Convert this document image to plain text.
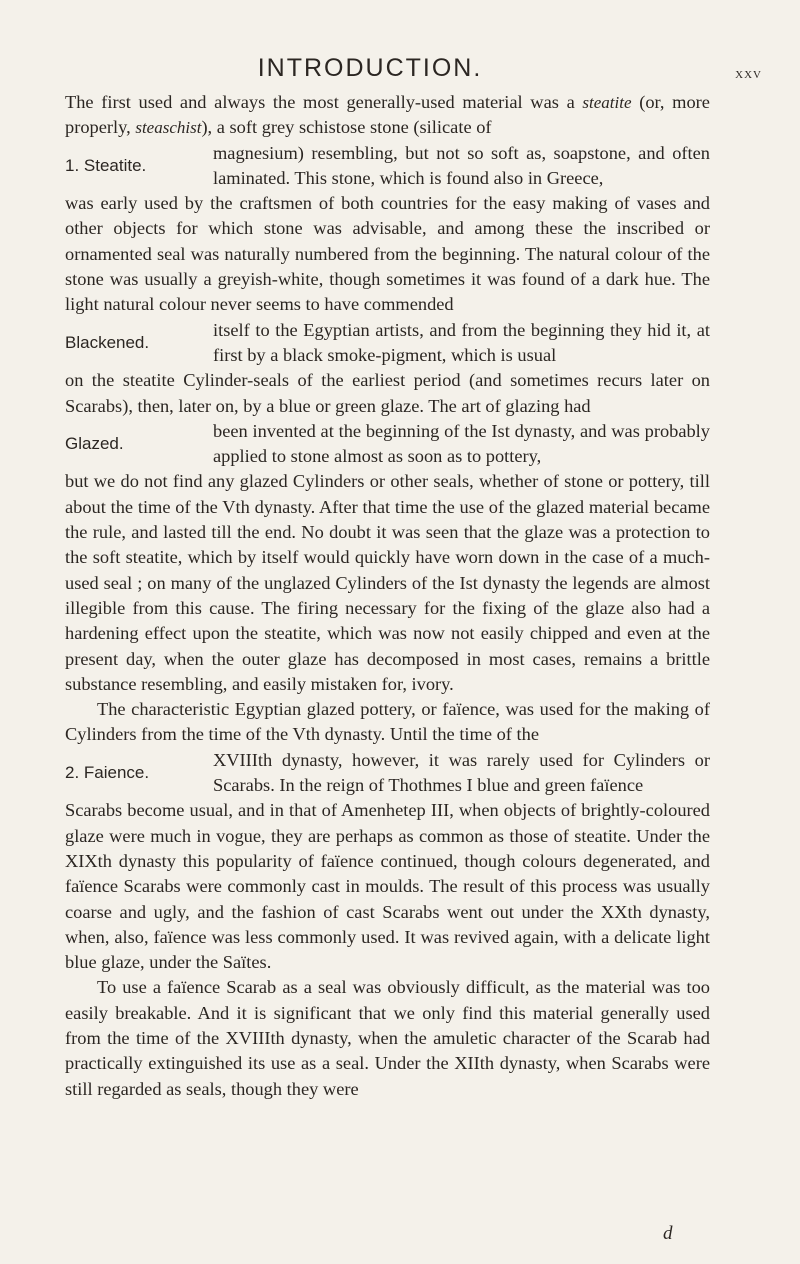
INTRODUCTION.	xxv

The first used and always the most generally-used material was a steatite (or, more properly, steaschist), a soft grey schistose stone (silicate of

1. Steatite.
magnesium) resembling, but not so soft as, soapstone, and often laminated. This stone, which is found also in Greece,

was early used by the craftsmen of both countries for the easy making of vases and other objects for which stone was advisable, and among these the inscribed or ornamented seal was naturally numbered from the beginning. The natural colour of the stone was usually a greyish-white, though sometimes it was found of a dark hue. The light natural colour never seems to have commended

Blackened.
itself to the Egyptian artists, and from the beginning they hid it, at first by a black smoke-pigment, which is usual

on the steatite Cylinder-seals of the earliest period (and sometimes recurs later on Scarabs), then, later on, by a blue or green glaze. The art of glazing had

Glazed.
been invented at the beginning of the Ist dynasty, and was probably applied to stone almost as soon as to pottery,

but we do not find any glazed Cylinders or other seals, whether of stone or pottery, till about the time of the Vth dynasty. After that time the use of the glazed material became the rule, and lasted till the end. No doubt it was seen that the glaze was a protection to the soft steatite, which by itself would quickly have worn down in the case of a much-used seal ; on many of the unglazed Cylinders of the Ist dynasty the legends are almost illegible from this cause. The firing necessary for the fixing of the glaze also had a hardening effect upon the steatite, which was now not easily chipped and even at the present day, when the outer glaze has decomposed in most cases, remains a brittle substance resembling, and easily mistaken for, ivory.

The characteristic Egyptian glazed pottery, or faïence, was used for the making of Cylinders from the time of the Vth dynasty. Until the time of the

2. Faience.
XVIIIth dynasty, however, it was rarely used for Cylinders or Scarabs. In the reign of Thothmes I blue and green faïence

Scarabs become usual, and in that of Amenhetep III, when objects of brightly-coloured glaze were much in vogue, they are perhaps as common as those of steatite. Under the XIXth dynasty this popularity of faïence continued, though colours degenerated, and faïence Scarabs were commonly cast in moulds. The result of this process was usually coarse and ugly, and the fashion of cast Scarabs went out under the XXth dynasty, when, also, faïence was less commonly used. It was revived again, with a delicate light blue glaze, under the Saïtes.

To use a faïence Scarab as a seal was obviously difficult, as the material was too easily breakable. And it is significant that we only find this material generally used from the time of the XVIIIth dynasty, when the amuletic character of the Scarab had practically extinguished its use as a seal. Under the XIIth dynasty, when Scarabs were still regarded as seals, though they were

d
